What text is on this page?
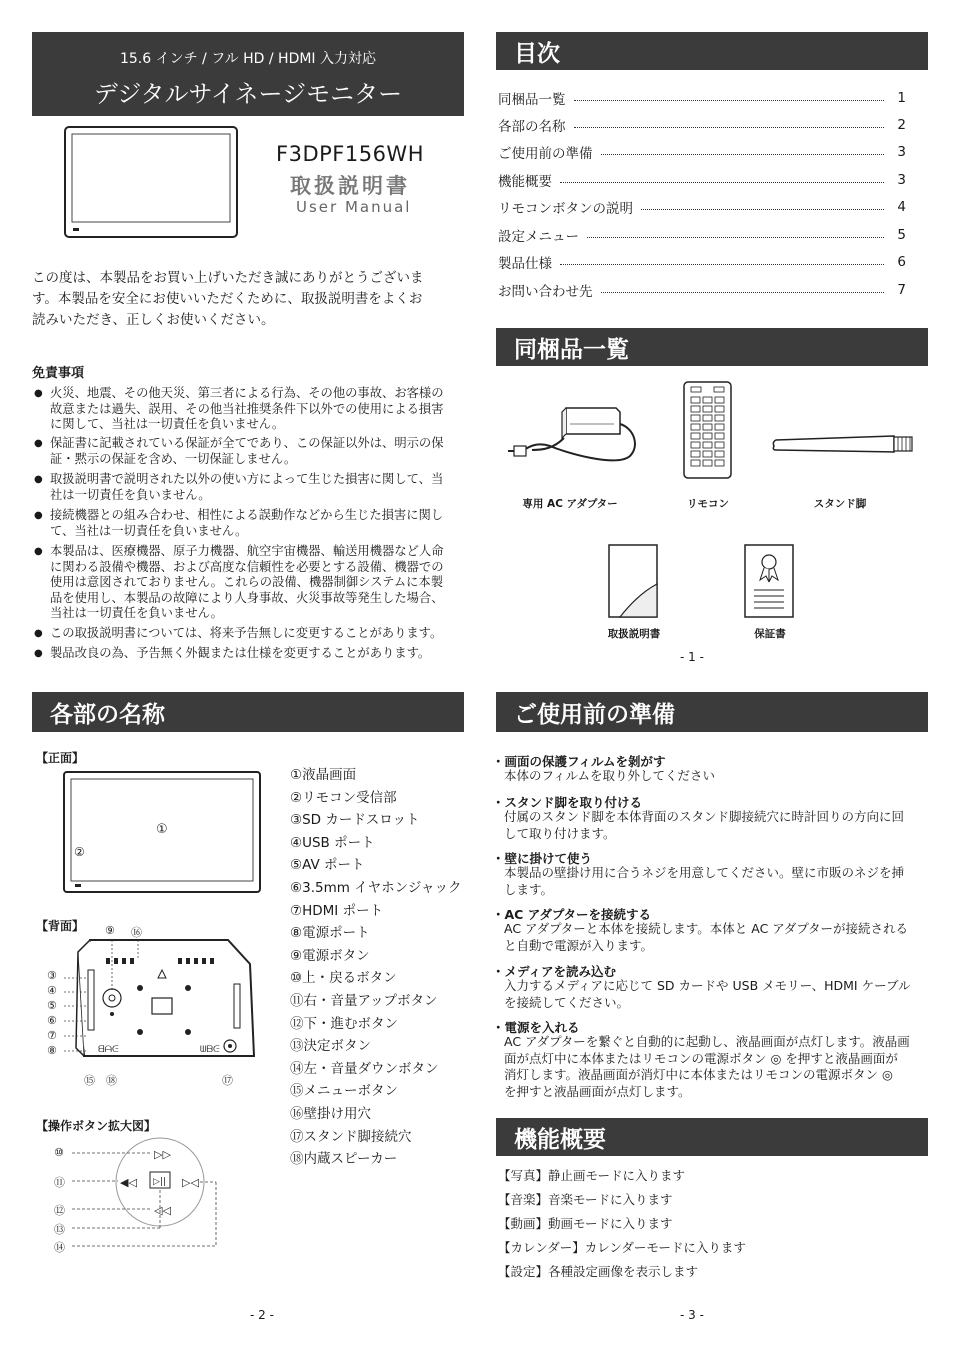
15.6 インチ / フル HD / HDMI 入力対応
デジタルサイネージモニター
F3DPF156WH
取扱説明書
User Manual
この度は、本製品をお買い上げいただき誠にありがとうございま
す。本製品を安全にお使いいただくために、取扱説明書をよくお
読みいただき、正しくお使いください。
免責事項
● 火災、地震、その他天災、第三者による行為、その他の事故、お客様の
故意または過失、誤用、その他当社推奨条件下以外での使用による損害
に関して、当社は一切責任を負いません。
● 保証書に記載されている保証が全てであり、この保証以外は、明示の保
証・黙示の保証を含め、一切保証しません。
● 取扱説明書で説明された以外の使い方によって生じた損害に関して、当
社は一切責任を負いません。
● 接続機器との組み合わせ、相性による誤動作などから生じた損害に関し
て、当社は一切責任を負いません。
● 本製品は、医療機器、原子力機器、航空宇宙機器、輸送用機器など人命
に関わる設備や機器、および高度な信頼性を必要とする設備、機器での
使用は意図されておりません。これらの設備、機器制御システムに本製
品を使用し、本製品の故障により人身事故、火災事故等発生した場合、
当社は一切責任を負いません。
● この取扱説明書については、将来予告無しに変更することがあります。
● 製品改良の為、予告無く外観または仕様を変更することがあります。
目次
同梱品一覧	1
各部の名称	2
ご使用前の準備	3
機能概要	3
リモコンボタンの説明	4
設定メニュー	5
製品仕様	6
お問い合わせ先	7
同梱品一覧
専用 AC アダプター	リモコン	スタンド脚
取扱説明書	保証書
- 1 -
各部の名称
【正面】
①
②
【背面】 ⑨ ⑯
ᗺᗩᕮ	ᗯᗷᕮ
③
④
⑤
⑥
⑦
⑧
⑮ ⑱	⑰
【操作ボタン拡大図】
▷▷
◀◁ ▷|| ▷◁
◁◁
⑩
⑪
⑫
⑬
⑭
①液晶画面
②リモコン受信部
③SD カードスロット
④USB ポート
⑤AV ポート
⑥3.5mm イヤホンジャック
⑦HDMI ポート
⑧電源ポート
⑨電源ボタン
⑩上・戻るボタン
⑪右・音量アップボタン
⑫下・進むボタン
⑬決定ボタン
⑭左・音量ダウンボタン
⑮メニューボタン
⑯壁掛け用穴
⑰スタンド脚接続穴
⑱内蔵スピーカー
- 2 -
ご使用前の準備
・画面の保護フィルムを剝がす
本体のフィルムを取り外してください
・スタンド脚を取り付ける
付属のスタンド脚を本体背面のスタンド脚接続穴に時計回りの方向に回
して取り付けます。
・壁に掛けて使う
本製品の壁掛け用に合うネジを用意してください。壁に市販のネジを挿
します。
・AC アダプターを接続する
AC アダプターと本体を接続します。本体と AC アダプターが接続される
と自動で電源が入ります。
・メディアを読み込む
入力するメディアに応じて SD カードや USB メモリー、HDMI ケーブル
を接続してください。
・電源を入れる
AC アダプターを繋ぐと自動的に起動し、液晶画面が点灯します。液晶画
面が点灯中に本体またはリモコンの電源ボタン ◎ を押すと液晶画面が
消灯します。液晶画面が消灯中に本体またはリモコンの電源ボタン ◎
を押すと液晶画面が点灯します。
機能概要
【写真】静止画モードに入ります
【音楽】音楽モードに入ります
【動画】動画モードに入ります
【カレンダー】カレンダーモードに入ります
【設定】各種設定画像を表示します
- 3 -
